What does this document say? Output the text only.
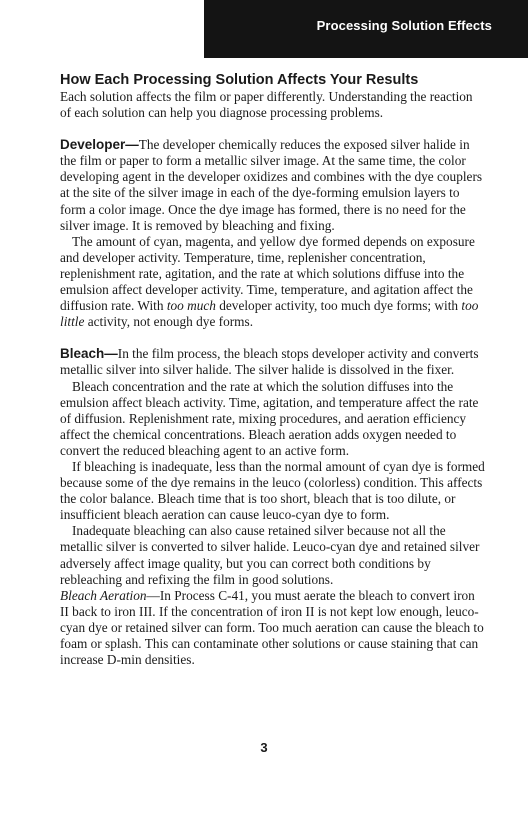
Processing Solution Effects
How Each Processing Solution Affects Your Results

Each solution affects the film or paper differently. Understanding the reaction of each solution can help you diagnose processing problems.

Developer—The developer chemically reduces the exposed silver halide in the film or paper to form a metallic silver image. At the same time, the color developing agent in the developer oxidizes and combines with the dye couplers at the site of the silver image in each of the dye-forming emulsion layers to form a color image. Once the dye image has formed, there is no need for the silver image. It is removed by bleaching and fixing.

The amount of cyan, magenta, and yellow dye formed depends on exposure and developer activity. Temperature, time, replenisher concentration, replenishment rate, agitation, and the rate at which solutions diffuse into the emulsion affect developer activity. Time, temperature, and agitation affect the diffusion rate. With too much developer activity, too much dye forms; with too little activity, not enough dye forms.

Bleach—In the film process, the bleach stops developer activity and converts metallic silver into silver halide. The silver halide is dissolved in the fixer.

Bleach concentration and the rate at which the solution diffuses into the emulsion affect bleach activity. Time, agitation, and temperature affect the rate of diffusion. Replenishment rate, mixing procedures, and aeration efficiency affect the chemical concentrations. Bleach aeration adds oxygen needed to convert the reduced bleaching agent to an active form.

If bleaching is inadequate, less than the normal amount of cyan dye is formed because some of the dye remains in the leuco (colorless) condition. This affects the color balance. Bleach time that is too short, bleach that is too dilute, or insufficient bleach aeration can cause leuco-cyan dye to form.

Inadequate bleaching can also cause retained silver because not all the metallic silver is converted to silver halide. Leuco-cyan dye and retained silver adversely affect image quality, but you can correct both conditions by rebleaching and refixing the film in good solutions.

Bleach Aeration—In Process C-41, you must aerate the bleach to convert iron II back to iron III. If the concentration of iron II is not kept low enough, leuco-cyan dye or retained silver can form. Too much aeration can cause the bleach to foam or splash. This can contaminate other solutions or cause staining that can increase D-min densities.

3
